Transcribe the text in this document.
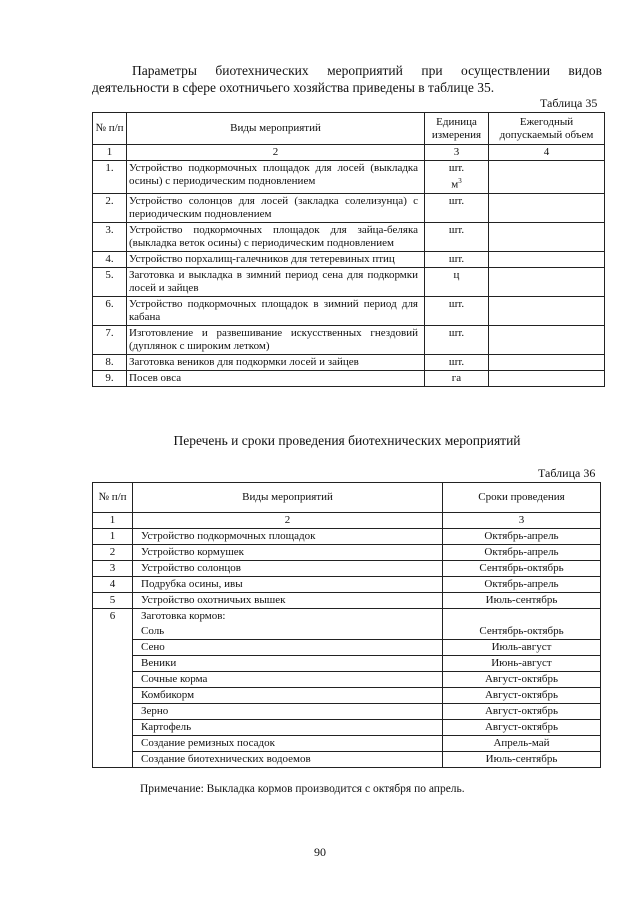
Параметры биотехнических мероприятий при осуществлении видов деятельности в сфере охотничьего хозяйства приведены в таблице 35.

Таблица 35
№ п/п	Виды мероприятий	Единица измерения	Ежегодный допускаемый объем
1	2	3	4
1.	Устройство подкормочных площадок для лосей (выкладка осины) с периодическим подновлением	шт.
$м^3$	
2.	Устройство солонцов для лосей (закладка солелизунца) с периодическим подновлением	шт.	
3.	Устройство подкормочных площадок для зайца-беляка (выкладка веток осины) с периодическим подновлением	шт.	
4.	Устройство порхалищ-галечников для тетеревиных птиц	шт.	
5.	Заготовка и выкладка в зимний период сена для подкормки лосей и зайцев	ц	
6.	Устройство подкормочных площадок в зимний период для кабана	шт.	
7.	Изготовление и развешивание искусственных гнездовий (дуплянок с широким летком)	шт.	
8.	Заготовка веников для подкормки лосей и зайцев	шт.	
9.	Посев овса	га	
Перечень и сроки проведения биотехнических мероприятий
Таблица 36
№ п/п	Виды мероприятий	Сроки проведения
1	2	3
1	Устройство подкормочных площадок	Октябрь-апрель
2	Устройство кормушек	Октябрь-апрель
3	Устройство солонцов	Сентябрь-октябрь
4	Подрубка осины, ивы	Октябрь-апрель
5	Устройство охотничьих вышек	Июль-сентябрь
6	Заготовка кормов:	
	Соль	Сентябрь-октябрь
	Сено	Июль-август
	Веники	Июнь-август
	Сочные корма	Август-октябрь
	Комбикорм	Август-октябрь
	Зерно	Август-октябрь
	Картофель	Август-октябрь
	Создание ремизных посадок	Апрель-май
	Создание биотехнических водоемов	Июль-сентябрь
Примечание: Выкладка кормов производится с октября по апрель.
90
